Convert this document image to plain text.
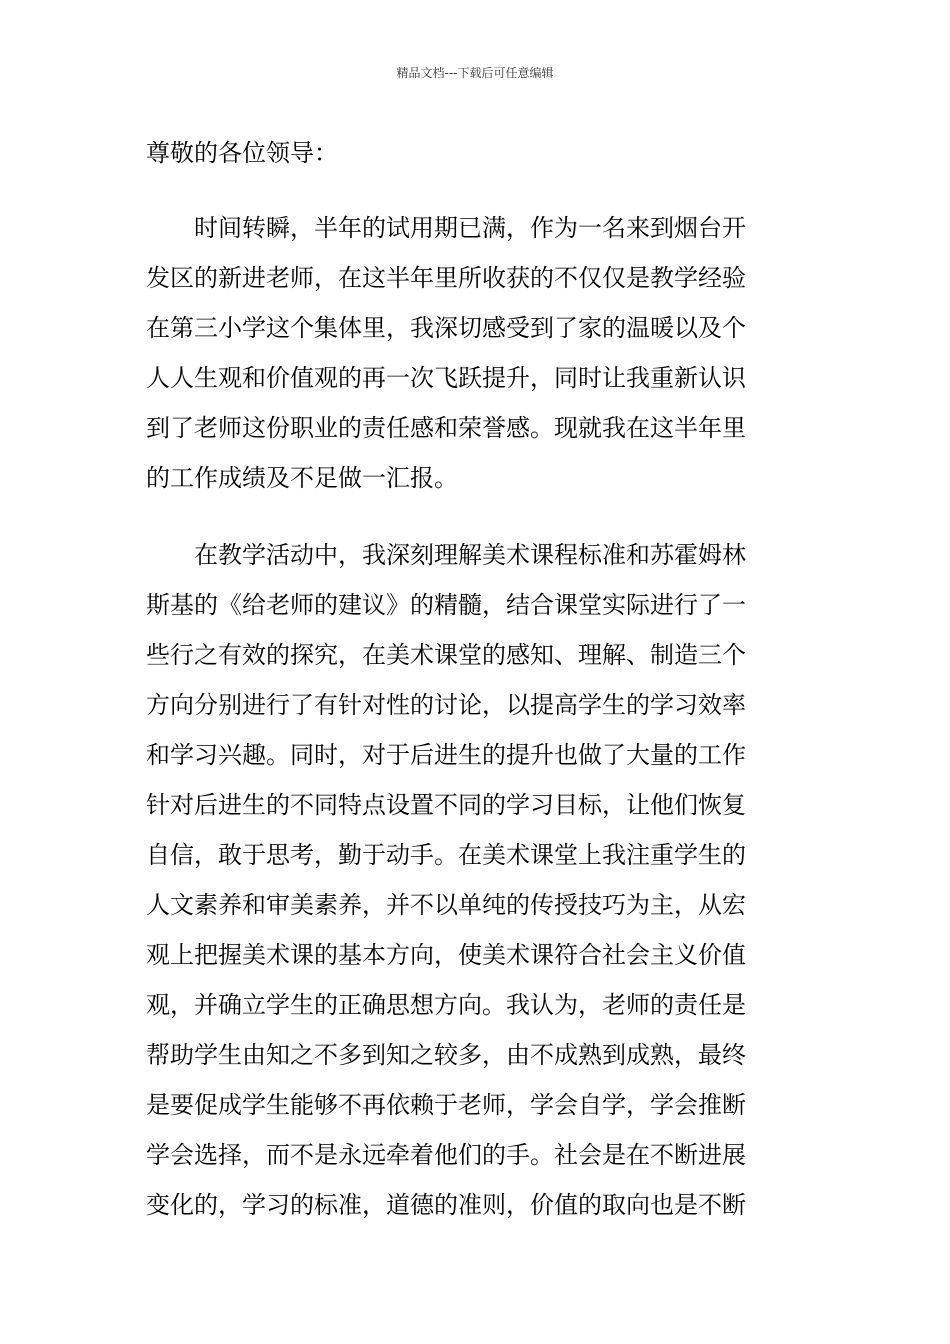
精品文档---下载后可任意编辑
尊敬的各位领导：
时间转瞬，半年的试用期已满，作为一名来到烟台开
发区的新进老师，在这半年里所收获的不仅仅是教学经验
在第三小学这个集体里，我深切感受到了家的温暖以及个
人人生观和价值观的再一次飞跃提升，同时让我重新认识
到了老师这份职业的责任感和荣誉感。现就我在这半年里
的工作成绩及不足做一汇报。
在教学活动中，我深刻理解美术课程标准和苏霍姆林
斯基的《给老师的建议》的精髓，结合课堂实际进行了一
些行之有效的探究，在美术课堂的感知、理解、制造三个
方向分别进行了有针对性的讨论，以提高学生的学习效率
和学习兴趣。同时，对于后进生的提升也做了大量的工作
针对后进生的不同特点设置不同的学习目标，让他们恢复
自信，敢于思考，勤于动手。在美术课堂上我注重学生的
人文素养和审美素养，并不以单纯的传授技巧为主，从宏
观上把握美术课的基本方向，使美术课符合社会主义价值
观，并确立学生的正确思想方向。我认为，老师的责任是
帮助学生由知之不多到知之较多，由不成熟到成熟，最终
是要促成学生能够不再依赖于老师，学会自学，学会推断
学会选择，而不是永远牵着他们的手。社会是在不断进展
变化的，学习的标准，道德的准则，价值的取向也是不断
